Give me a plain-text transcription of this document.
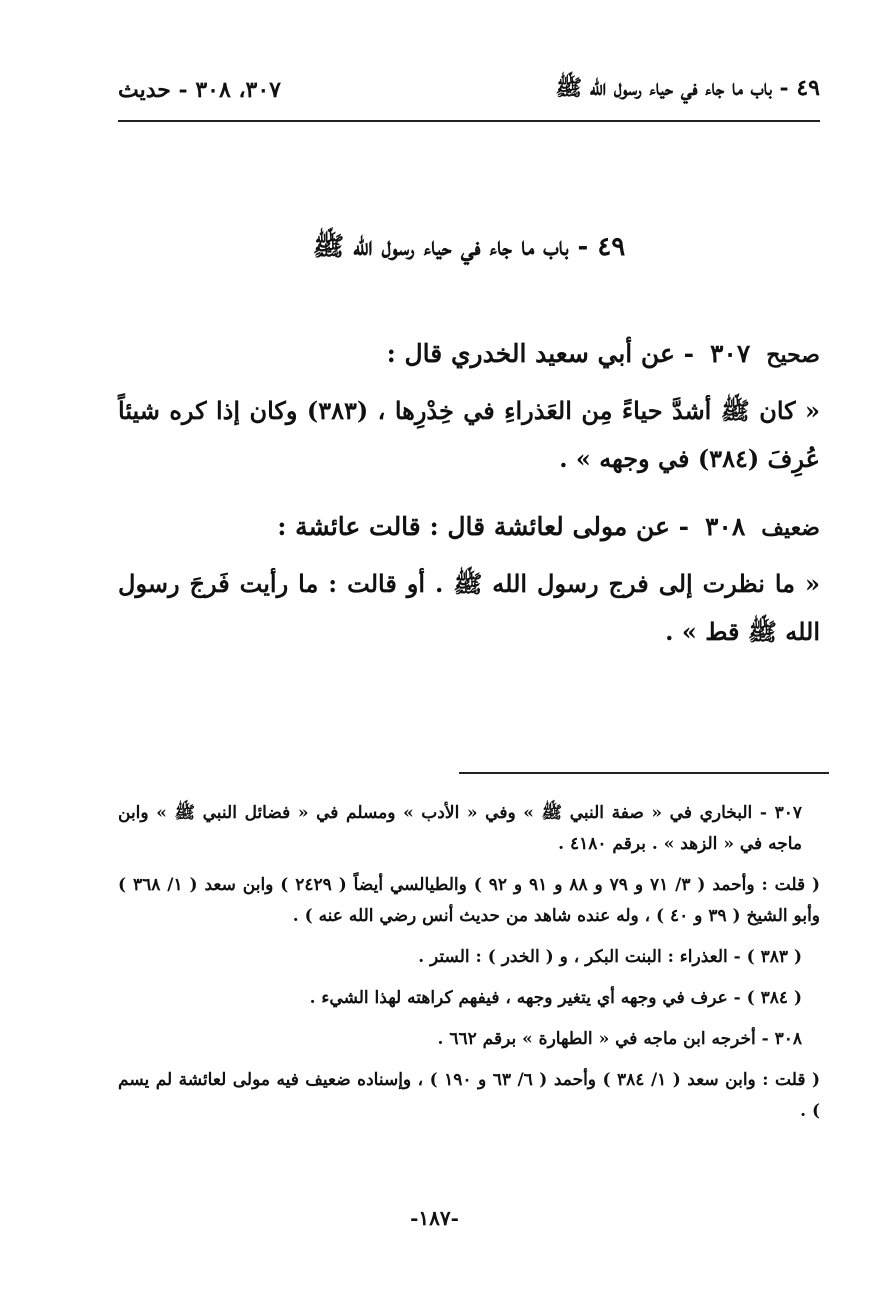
٤٩ - باب ما جاء في حياء رسول الله ﷺ
٣٠٧، ٣٠٨ - حديث
٤٩ - باب ما جاء في حياء رسول الله ﷺ
صحيح
٣٠٧
- عن أبي سعيد الخدري قال :

« كان ﷺ أشدَّ حياءً مِن العَذراءِ في خِدْرِها ، (٣٨٣) وكان إذا كره شيئاً عُرِفَ (٣٨٤) في وجهه » .

ضعيف
٣٠٨
- عن مولى لعائشة قال : قالت عائشة :

« ما نظرت إلى فرج رسول الله ﷺ . أو قالت : ما رأيت فَرجَ رسول الله ﷺ قط » .

٣٠٧ - البخاري في « صفة النبي ﷺ » وفي « الأدب » ومسلم في « فضائل النبي ﷺ » وابن ماجه في « الزهد » . برقم ٤١٨٠ .

( قلت : وأحمد ( ٣/ ٧١ و ٧٩ و ٨٨ و ٩١ و ٩٢ ) والطيالسي أيضاً ( ٢٤٢٩ ) وابن سعد ( ١/ ٣٦٨ ) وأبو الشيخ ( ٣٩ و ٤٠ ) ، وله عنده شاهد من حديث أنس رضي الله عنه ) .

( ٣٨٣ ) - العذراء : البنت البكر ، و ( الخدر ) : الستر .

( ٣٨٤ ) - عرف في وجهه أي يتغير وجهه ، فيفهم كراهته لهذا الشيء .

٣٠٨ - أخرجه ابن ماجه في « الطهارة » برقم ٦٦٢ .

( قلت : وابن سعد ( ١/ ٣٨٤ ) وأحمد ( ٦/ ٦٣ و ١٩٠ ) ، وإسناده ضعيف فيه مولى لعائشة لم يسم ) .

-١٨٧-
